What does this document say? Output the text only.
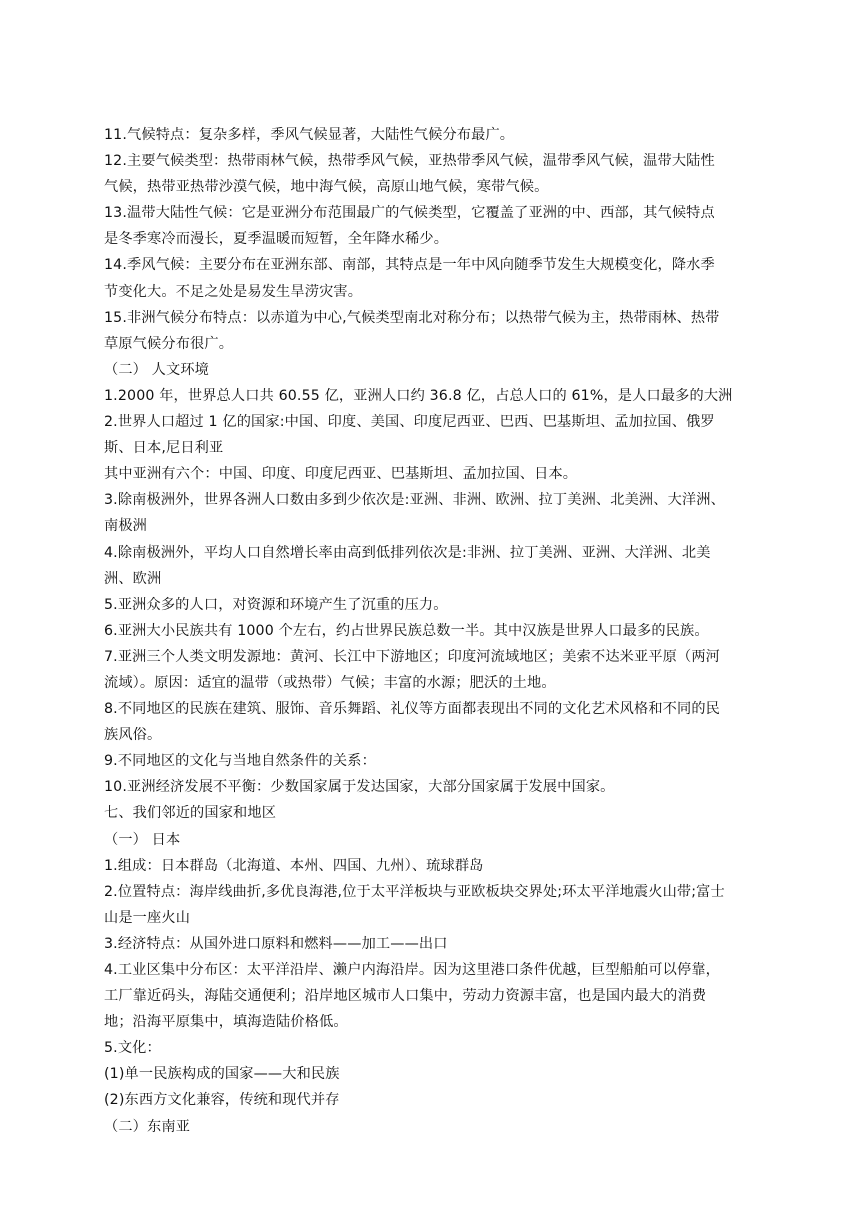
11.气候特点：复杂多样，季风气候显著，大陆性气候分布最广。
12.主要气候类型：热带雨林气候，热带季风气候，亚热带季风气候，温带季风气候，温带大陆性
气候，热带亚热带沙漠气候，地中海气候，高原山地气候，寒带气候。
13.温带大陆性气候：它是亚洲分布范围最广的气候类型，它覆盖了亚洲的中、西部，其气候特点
是冬季寒冷而漫长，夏季温暖而短暂，全年降水稀少。
14.季风气候：主要分布在亚洲东部、南部，其特点是一年中风向随季节发生大规模变化，降水季
节变化大。不足之处是易发生旱涝灾害。
15.非洲气候分布特点：以赤道为中心,气候类型南北对称分布；以热带气候为主，热带雨林、热带
草原气候分布很广。
（二） 人文环境
1.2000 年，世界总人口共 60.55 亿，亚洲人口约 36.8 亿，占总人口的 61%，是人口最多的大洲
2.世界人口超过 1 亿的国家:中国、印度、美国、印度尼西亚、巴西、巴基斯坦、孟加拉国、俄罗
斯、日本,尼日利亚
其中亚洲有六个：中国、印度、印度尼西亚、巴基斯坦、孟加拉国、日本。
3.除南极洲外，世界各洲人口数由多到少依次是:亚洲、非洲、欧洲、拉丁美洲、北美洲、大洋洲、
南极洲
4.除南极洲外，平均人口自然增长率由高到低排列依次是:非洲、拉丁美洲、亚洲、大洋洲、北美
洲、欧洲
5.亚洲众多的人口，对资源和环境产生了沉重的压力。
6.亚洲大小民族共有 1000 个左右，约占世界民族总数一半。其中汉族是世界人口最多的民族。
7.亚洲三个人类文明发源地：黄河、长江中下游地区；印度河流域地区；美索不达米亚平原（两河
流域）。原因：适宜的温带（或热带）气候；丰富的水源；肥沃的土地。
8.不同地区的民族在建筑、服饰、音乐舞蹈、礼仪等方面都表现出不同的文化艺术风格和不同的民
族风俗。
9.不同地区的文化与当地自然条件的关系：
10.亚洲经济发展不平衡：少数国家属于发达国家，大部分国家属于发展中国家。
七、我们邻近的国家和地区
（一） 日本
1.组成：日本群岛（北海道、本州、四国、九州）、琉球群岛
2.位置特点：海岸线曲折,多优良海港,位于太平洋板块与亚欧板块交界处;环太平洋地震火山带;富士
山是一座火山
3.经济特点：从国外进口原料和燃料——加工——出口
4.工业区集中分布区：太平洋沿岸、濑户内海沿岸。因为这里港口条件优越，巨型船舶可以停靠，
工厂靠近码头，海陆交通便利；沿岸地区城市人口集中，劳动力资源丰富，也是国内最大的消费
地；沿海平原集中，填海造陆价格低。
5.文化：
(1)单一民族构成的国家——大和民族
(2)东西方文化兼容，传统和现代并存
（二）东南亚
